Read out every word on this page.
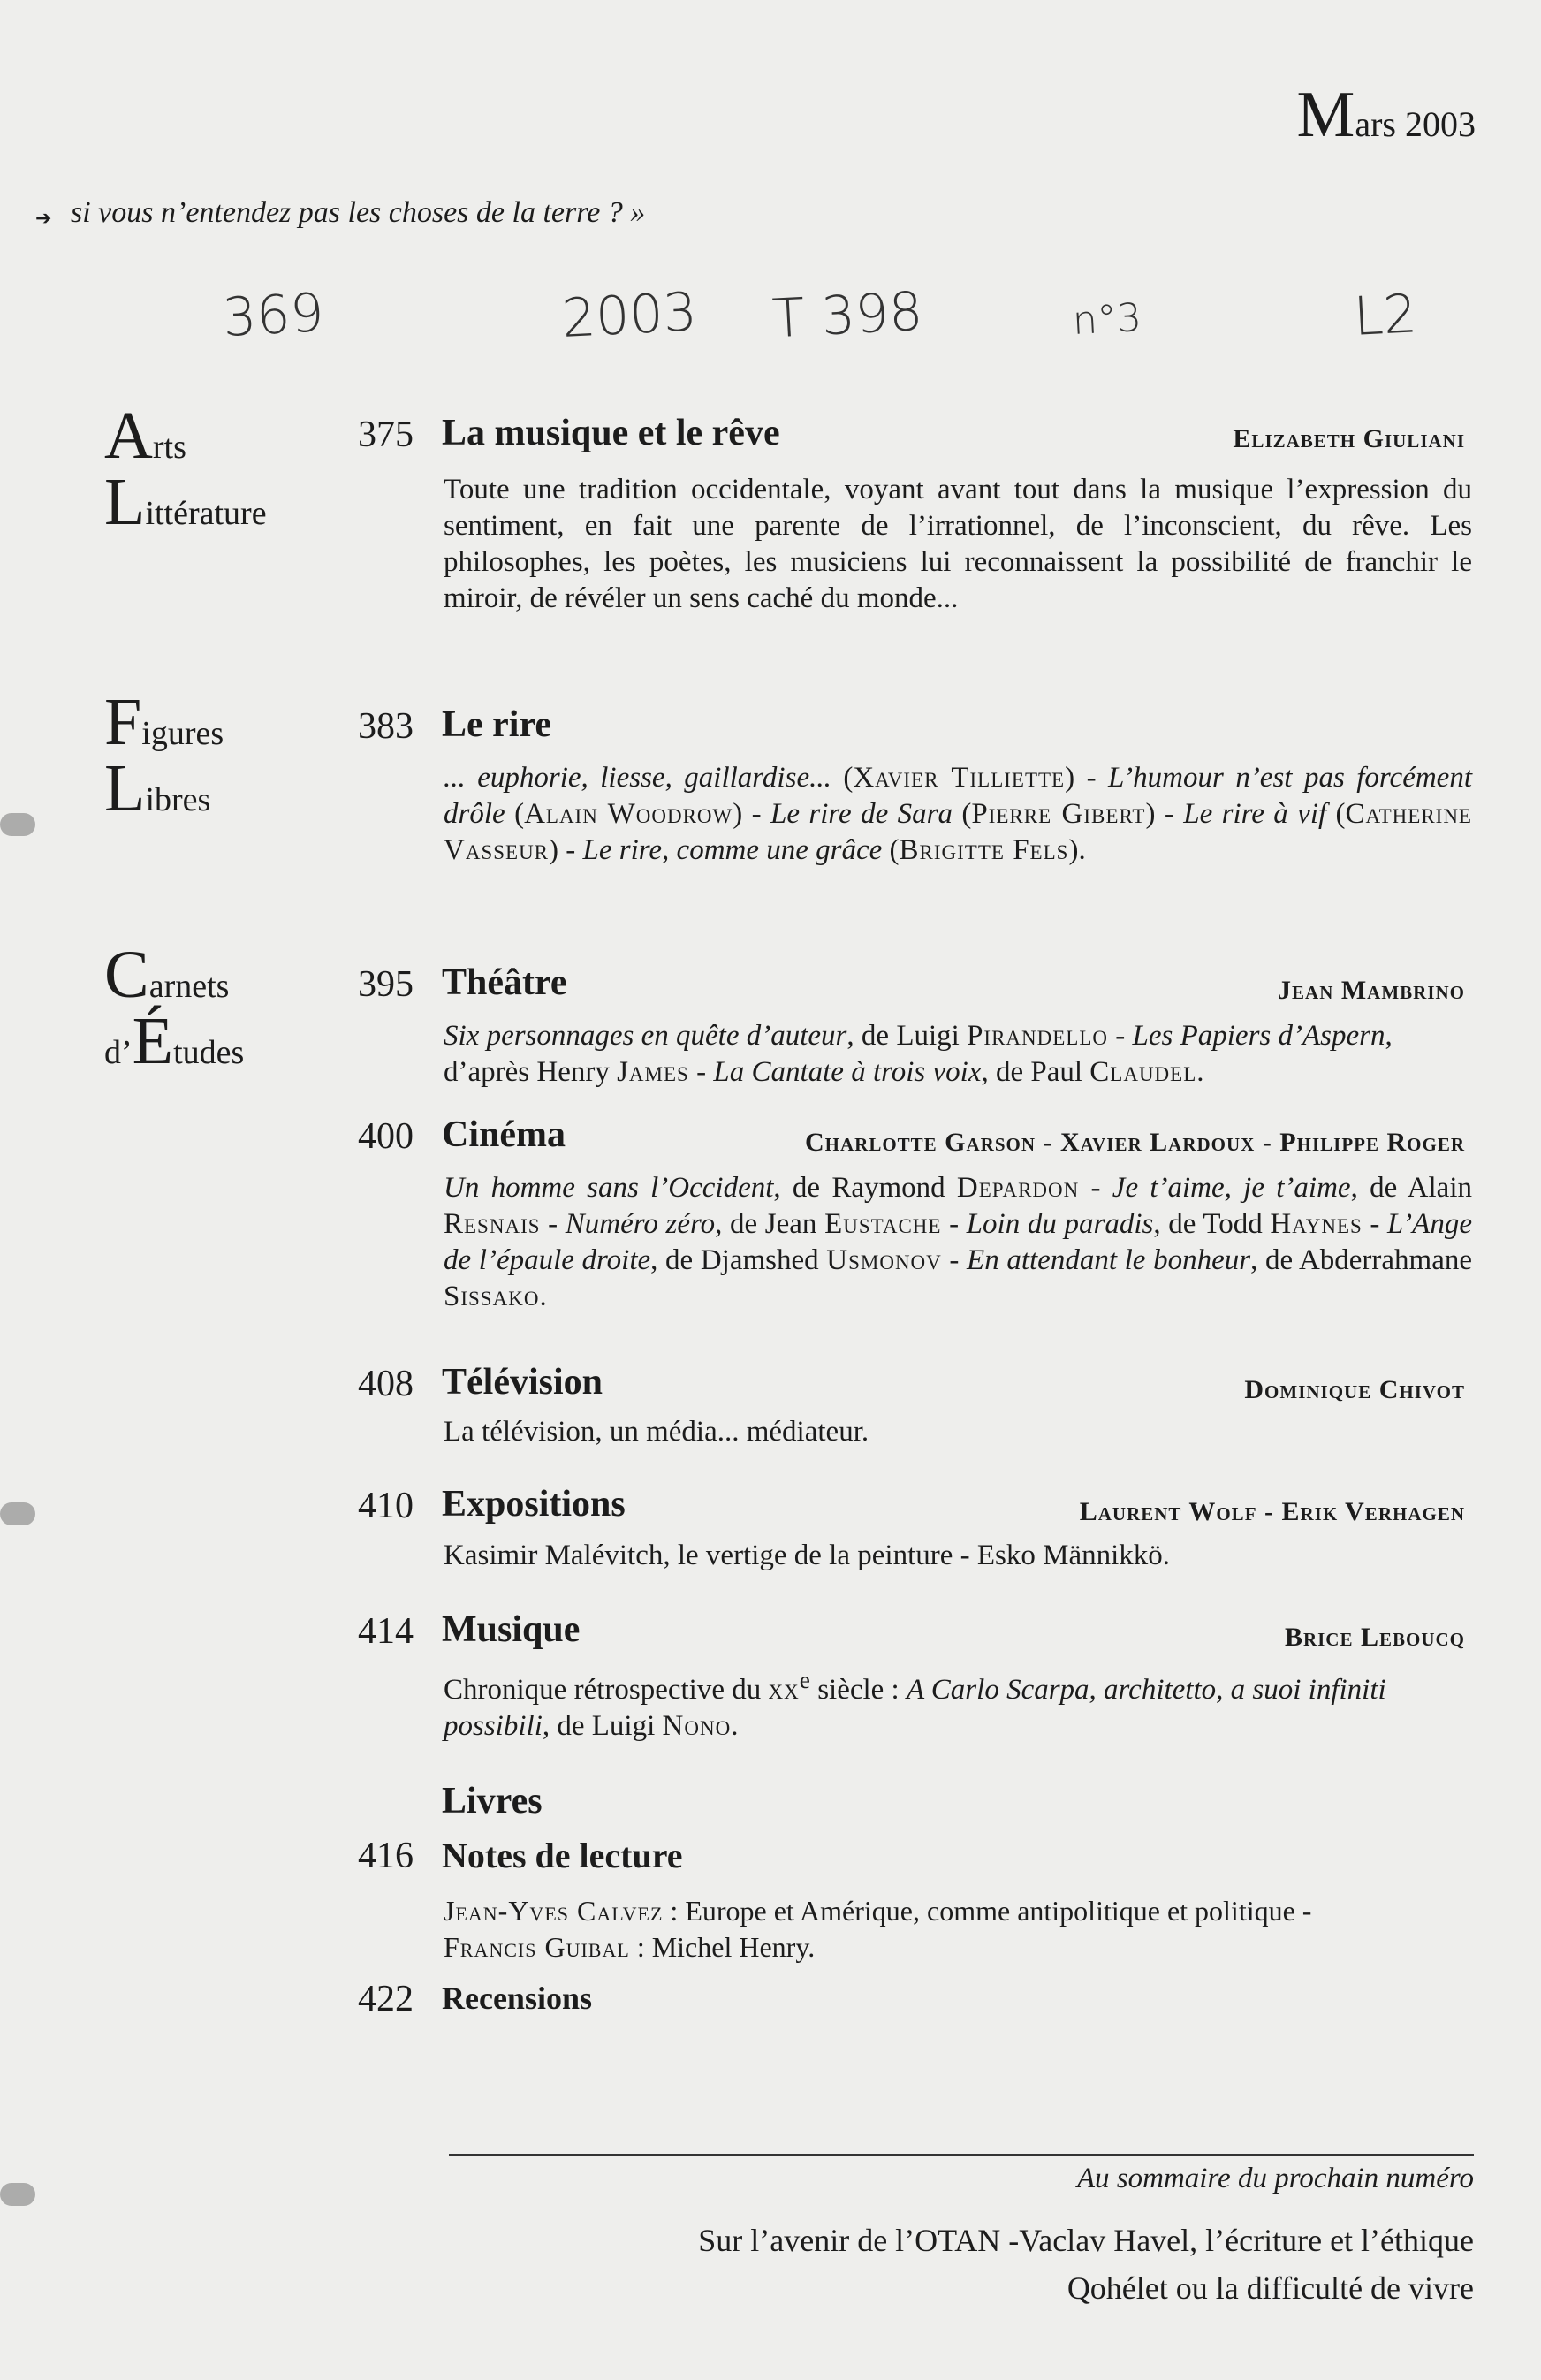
Mars 2003
➔ si vous n’entendez pas les choses de la terre ? »
369	2003 T 398	n°3	L2
Arts
Littérature
Figures
Libres
Carnets
d’Études
375 La musique et le rêve	Elizabeth Giuliani
Toute une tradition occidentale, voyant avant tout dans la musique l’expression du sentiment, en fait une parente de l’irrationnel, de l’inconscient, du rêve. Les philosophes, les poètes, les musiciens lui reconnaissent la possibilité de franchir le miroir, de révéler un sens caché du monde...
383 Le rire
... euphorie, liesse, gaillardise... (Xavier Tilliette) - L’humour n’est pas forcément drôle (Alain Woodrow) - Le rire de Sara (Pierre Gibert) - Le rire à vif (Catherine Vasseur) - Le rire, comme une grâce (Brigitte Fels).
395 Théâtre	Jean Mambrino
Six personnages en quête d’auteur, de Luigi Pirandello - Les Papiers d’Aspern, d’après Henry James - La Cantate à trois voix, de Paul Claudel.
400 Cinéma	Charlotte Garson - Xavier Lardoux - Philippe Roger
Un homme sans l’Occident, de Raymond Depardon - Je t’aime, je t’aime, de Alain Resnais - Numéro zéro, de Jean Eustache - Loin du paradis, de Todd Haynes - L’Ange de l’épaule droite, de Djamshed Usmonov - En attendant le bonheur, de Abderrahmane Sissako.
408 Télévision	Dominique Chivot
La télévision, un média... médiateur.
410 Expositions	Laurent Wolf - Erik Verhagen
Kasimir Malévitch, le vertige de la peinture - Esko Männikkö.
414 Musique	Brice Leboucq
Chronique rétrospective du $xx^e$ siècle : A Carlo Scarpa, architetto, a suoi infiniti possibili, de Luigi Nono.
Livres
416 Notes de lecture
Jean-Yves Calvez : Europe et Amérique, comme antipolitique et politique -
Francis Guibal : Michel Henry.
422 Recensions
Au sommaire du prochain numéro
Sur l’avenir de l’OTAN -Vaclav Havel, l’écriture et l’éthique
Qohélet ou la difficulté de vivre
